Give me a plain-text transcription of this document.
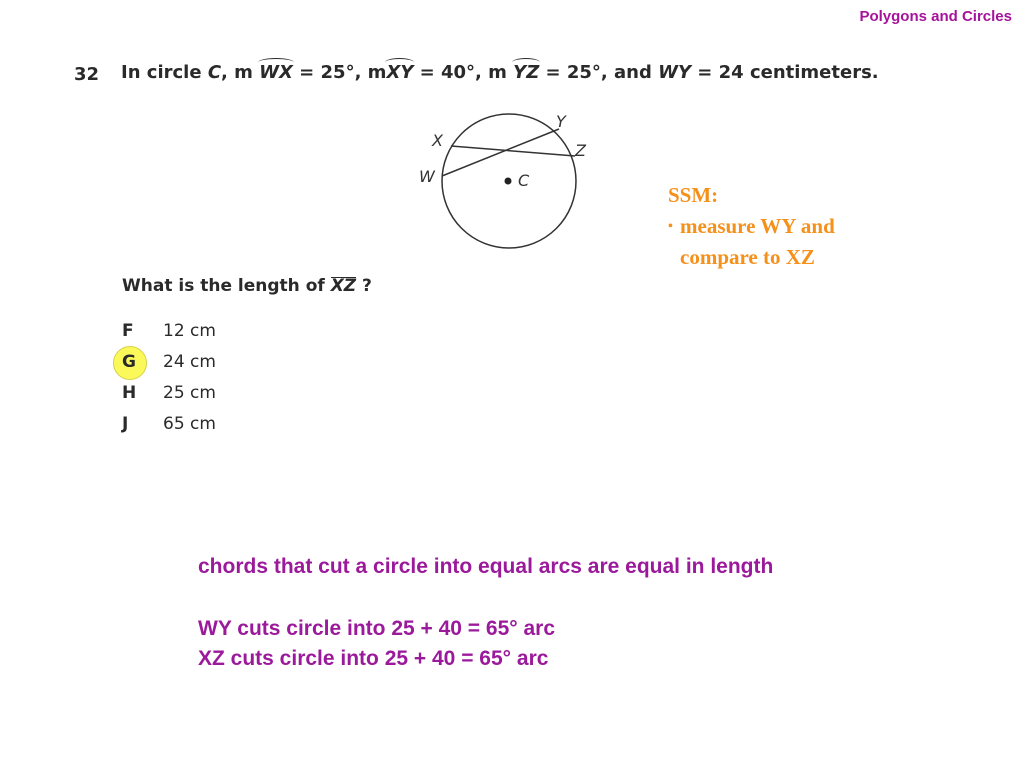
Polygons and Circles
32 In circle C, m WX = 25°, mXY = 40°, m YZ = 25°, and WY = 24 centimeters.
X
Y
Z
W	C
What is the length of XZ ?
F 12 cm
G 24 cm
H 25 cm
J 65 cm
SSM:
• measure WY and compare to XZ
chords that cut a circle into equal arcs are equal in length
WY cuts circle into 25 + 40 = 65° arc
XZ cuts circle into 25 + 40 = 65° arc
